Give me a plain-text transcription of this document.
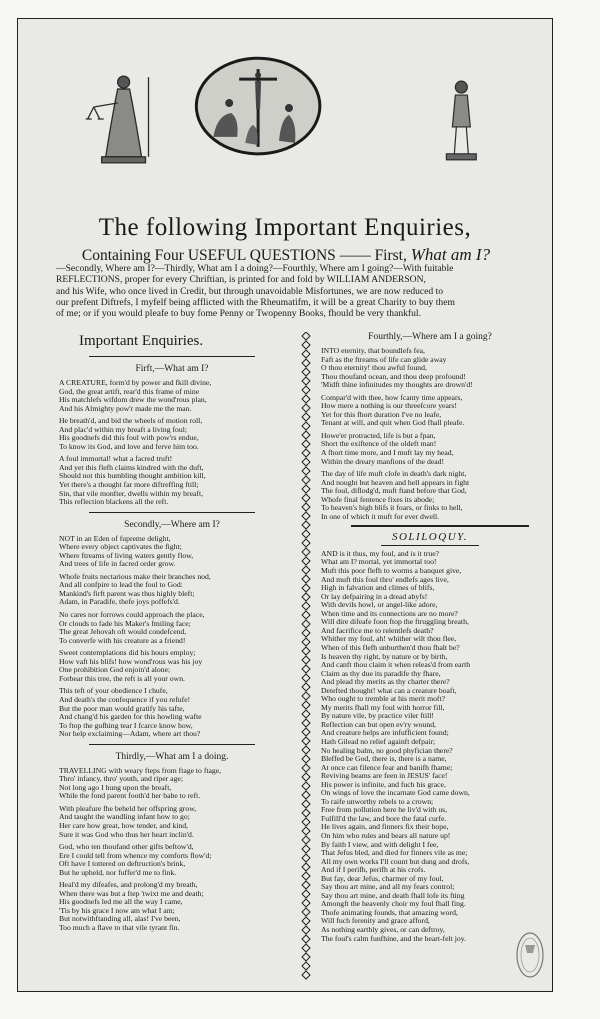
The following Important Enquiries,
Containing Four USEFUL QUESTIONS —— First, What am I?

—Secondly, Where am I?—Thirdly, What am I a doing?—Fourthly, Where am I going?—With fuitable

REFLECTIONS, proper for every Chriftian, is printed for and fold by WILLIAM ANDERSON,

and his Wife, who once lived in Credit, but through unavoidable Misfortunes, we are now reduced to

our prefent Diftrefs, I myfelf being afflicted with the Rheumatifm, it will be a great Charity to buy them

of me; or if you would pleafe to buy fome Penny or Twopenny Books, fhould be very thankful.

Important Enquiries.
Firft,—What am I?
A CREATURE, form'd by power and fkill divine,
God, the great artift, rear'd this frame of mine
His matchlefs wifdom drew the wond'rous plan,
And his Almighty pow'r made me the man.
He breath'd, and bid the wheels of motion roll,
And plac'd within my breaft a living foul;
His goodnefs did this foul with pow'rs endue,
To know its God, and love and ferve him too.
A foul immortal! what a facred truft!
And yet this flefh claims kindred with the duft,
Should not this humbling thought ambition kill,
Yet there's a thought far more diftreffing ftill;
Sin, that vile monfter, dwells within my breaft,
This reflection blackens all the reft.
Secondly,—Where am I?
NOT in an Eden of fupreme delight,
Where every object captivates the fight;
Where ftreams of living waters gently flow,
And trees of life in facred order grow.
Whofe fruits nectarious make their branches nod,
And all confpire to lead the foul to God:
Mankind's firft parent was thus highly bleft;
Adam, in Paradife, thefe joys poffefs'd.
No cares nor forrows could approach the place,
Or clouds to fade his Maker's fmiling face;
The great Jehovah oft would condefcend,
To converfe with his creature as a friend!
Sweet contemplations did his hours employ;
How vaft his blifs! how wond'rous was his joy
One prohibition God enjoin'd alone;
Forbear this tree, the reft is all your own.
This teft of your obedience I chufe,
And death's the confequence if you refufe!
But the poor man would gratify his tafte,
And chang'd his garden for this howling wafte
To ftop the gufhing tear I fcarce know how,
Nor help exclaiming—Adam, where art thou?
Thirdly,—What am I a doing.
TRAVELLING with weary fteps from ftage to ftage,
Thro' infancy, thro' youth, and riper age;
Not long ago I hung upon the breaft,
While the fond parent footh'd her babe to reft.
With pleafure fhe beheld her offspring grow,
And taught the wandling infant how to go;
Her care how great, how tender, and kind,
Sure it was God who thus her heart inclin'd.
God, who ten thoufand other gifts beftow'd,
Ere I could tell from whence my comforts flow'd;
Oft have I tottered on deftruction's brink,
But he upheld, nor fuffer'd me to fink.
Heal'd my difeafes, and prolong'd my breath,
When there was but a ftep 'twixt me and death;
His goodnefs led me all the way I came,
'Tis by his grace I now am what I am;
But notwithftanding all, alas! I've been,
Too much a flave to that vile tyrant fin.
Fourthly,—Where am I a going?
INTO eternity, that boundlefs fea,
Faft as the ftreams of life can glide away
O thou eternity! thou awful found,
Thou thoufand ocean, and thou deep profound!
'Midft thine infinitudes my thoughts are drown'd!
Compar'd with thee, how fcanty time appears,
How mere a nothing is our threefcore years!
Yet for this fhort duration I've no leafe,
Tenant at will, and quit when God fhall pleafe.
Howe'er protracted, life is but a fpan,
Short the exiftence of the oldeft man!
A fhort time more, and I muft lay my head,
Within the dreary manfions of the dead!
The day of life muft clofe in death's dark night,
And nought but heaven and hell appears in fight
The foul, diflodg'd, muft ftand before that God,
Whofe final fentence fixes its abode;
To heaven's high blifs it foars, or finks to hell,
In one of which it muft for ever dwell.
SOLILOQUY.
AND is it thus, my foul, and is it true?
What am I? mortal, yet immortal too!
Muft this poor flefh to worms a banquet give,
And muft this foul thro' endlefs ages live,
High in falvation and climes of blifs,
Or lay defpairing in a dread abyfs!
With devils howl, or angel-like adore,
When time and its connections are no more?
Will dire difeafe foon ftop the ftruggling breath,
And facrifice me to relentlefs death?
Whither my foul, ah! whither wilt thou flee,
When of this flefh unburthen'd thou fhalt be?
Is heaven thy right, by nature or by birth,
And canft thou claim it when releas'd from earth
Claim as thy due its paradife thy fhare,
And plead thy merits as thy charter there?
Detefted thought! what can a creature boaft,
Who ought to tremble at his merit moft?
My merits fhall my foul with horror fill,
By nature vile, by practice viler ftill!
Reflection can but open ev'ry wound,
And creature helps are infufficient found;
Hath Gilead no relief againft defpair;
No healing balm, no good phyfician there?
Bleffed be God, there is, there is a name,
At once can filence fear and banifh fhame;
Reviving beams are feen in JESUS' face!
His power is infinite, and fuch his grace,
On wings of love the incarnate God came down,
To raife unworthy rebels to a crown;
Free from pollution here he liv'd with us,
Fulfill'd the law, and bore the fatal curfe.
He lives again, and finners fix their hope,
On him who rules and bears all nature up!
By faith I view, and with delight I fee,
That Jefus bled, and died for finners vile as me;
All my own works I'll count but dung and drofs,
And if I perifh, perifh at his crofs.
But fay, dear Jefus, charmer of my foul,
Say thou art mine, and all my fears control;
Say thou art mine, and death fhall lofe its fting
Amongft the heavenly choir my foul fhall fing.
Thofe animating founds, that amazing word,
Will fuch ferenity and grace afford,
As nothing earthly gives, or can deftroy,
The foul's calm funfhine, and the heart-felt joy.
